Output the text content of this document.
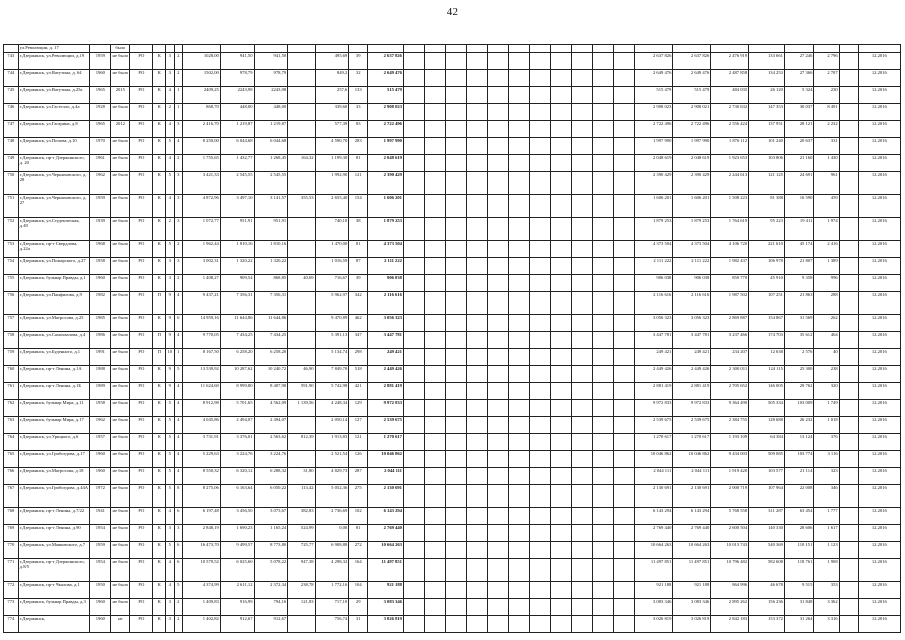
42
	ул.Революции, д. 17		было																														
743	г.Дзержинск, ул.Революции, д.19	1959	не было	РО	К	3	2	1028,00	941,50	941,50		495,69	39	2 637 826												2 637 826	2 637 826	2 476 919	133 661	27 246	2 796		12.2016
744	г.Дзержинск, ул.Ватутина, д. 64	1960	не было	РО	К	3	2	1502,00	978,79	978,79		849,2	32	2 649 476												2 649 476	2 649 476	2 487 858	134 253	27 366	2 707		12.2016
745	г.Дзержинск, ул.Ватутина, д.25а	1965	2015	РО	К	4	1	2409,25	2243,98	2243,98		257,6	133	515 479												515 479	515 479	484 035	26 120	5 324	230		12.2016
746	г.Дзержинск, ул.Гастелло, д.4а	1928	не было	РО	К	2	1	868,70	448,00	448,00		339,60	33	2 908 023												2 908 023	2 908 021	2 730 632	147 353	30 037	8 491		12.2016
747	г.Дзержинск, ул.Гагарина, д.8	1965	2012	РО	К	4	3	2 416,70	1 219,87	1 219,87		577,39	83	2 722 496												2 722 496	2 722 496	2 556 424	137 951	28 121	2 232		12.2016
748	г.Дзержинск, ул.Попова, д.10	1970	не было	РО	К	5	4	8 250,00	6 044,68	6 044,68		4 590,70	283	1 997 990												1 997 990	1 997 990	1 876 112	101 240	20 637	331		12.2016
749	г.Дзержинск, пр-т Дзержинского, д. 20	1961	не было	РО	К	4	2	1 755,65	1 432,77	1 268,45	164,32	1 199,30	81	2 048 619												2 048 619	2 048 619	1 923 653	103 806	21 160	1 430		12.2016
750	г.Дзержинск, ул.Черняховского, д. 28	1962	не было	РО	К	5	3	3 421,33	2 545,55	2 545,55		1 992,90	121	2 390 429												2 390 429	2 390 429	2 244 613	121 125	24 691	961		12.2016
751	г.Дзержинск, ул.Черняховского, д. 27	1959	не было	РО	К	4	3	4 872,96	3 497,10	3 141,57	355,53	2 655,40	154	1 606 201												1 606 201	1 606 201	1 508 223	81 388	16 590	459		12.2016
752	г.Дзержинск, ул.Студенческая, д.49	1939	не было	РО	К	2	3	1 072,77	951,91	951,91		740,10	38	1 879 253												1 879 253	1 879 253	1 764 619	95 223	19 411	1 974		12.2016
753	г.Дзержинск, пр-т Свердлова, д.22а	1968	не было	РО	К	5	2	1 962,44	1 810,16	1 810,16		1 470,00	81	4 373 504												4 373 504	4 373 504	4 106 720	221 610	45 174	2 416		12.2016
754	г.Дзержинск, ул.Пожарского, д.27	1958	не было	РО	К	3	3	3 002,31	1 320,22	1 320,22		1 016,59	87	2 111 222												2 111 222	2 111 222	1 982 437	106 978	21 807	1 389		12.2016
755	г.Дзержинск, бульвар Правды, д.1	1960	не было	РО	К	3	2	1 408,27	909,54	868,85	40,69	716,67	39	906 038												906 038	906 038	850 770	45 910	9 358	996		12.2016
756	г.Дзержинск, ул.Панфилова, д.9	1982	не было	РО	П	9	4	9 437,21	7 356,31	7 356,31		5 962,97	342	2 116 616												2 116 616	2 116 616	1 987 502	107 251	21 863	288		12.2016
757	г.Дзержинск, ул.Матросова, д.25	1985	не было	РО	К	9	6	14 959,16	11 644,86	11 644,86		9 470,89	462	3 056 323												3 056 323	3 056 323	2 869 887	154 867	31 569	262		12.2016
758	г.Дзержинск, ул.Самохвалова, д.4	1986	не было	РО	П	9	4	9 770,05	7 434,25	7 434,25		5 391,13	347	3 447 781												3 447 781	3 447 781	3 237 466	174 703	35 612	464		12.2016
759	г.Дзержинск, ул.Буденного, д.1	1991	не было	РО	П	10	1	8 167,50	6 258,20	6 258,20		5 134,74	298	249 421												249 421	249 421	234 207	12 638	2 576	40		12.2016
760	г.Дзержинск, пр-т Ленина, д.1А	1988	не было	РО	К	9	5	13 539,92	10 287,62	10 240,72	46,90	7 849,78	518	2 449 426												2 449 426	2 449 426	2 300 011	124 115	25 300	238		12.2016
761	г.Дзержинск, пр-т Ленина, д.1Б	1989	не было	РО	К	9	4	11 624,60	8 999,80	8 407,90	591,90	5 742,98	421	2 881 419												2 881 419	2 881 419	2 705 652	146 005	29 762	320		12.2016
762	г.Дзержинск, бульвар Мира, д.11	1958	не было	РО	К	5	4	8 912,98	5 701,65	4 562,09	1 139,56	4 248,34	129	9 972 833												9 972 833	9 972 833	9 364 490	505 334	103 009	1 749		12.2016
763	г.Дзержинск, бульвар Мира, д.17	1962	не было	РО	К	5	4	4 045,86	2 494,07	2 494,07		2 050,14	127	2 539 675												2 539 675	2 539 675	2 384 755	128 688	26 232	1 018		12.2016
764	г.Дзержинск, ул.Урицкого, д.6	1957	не было	РО	К	5	4	3 731,91	3 376,01	2 563,62	812,39	1 913,83	121	1 270 617												1 270 617	1 270 617	1 193 109	64 384	13 124	376		12.2016
765	г.Дзержинск, ул.Грибоедова, д.17	1960	не было	РО	К	5	4	5 229,63	3 224,76	3 224,76		2 521,54	126	10 046 862												10 046 862	10 046 862	9 434 003	509 085	103 774	3 116		12.2016
766	г.Дзержинск, ул.Матросова, д.18	1960	не было	РО	К	5	4	8 550,32	6 320,12	6 288,32	31,80	4 829,73	287	2 044 111												2 044 111	2 044 111	1 919 420	103 577	21 114	323		12.2016
767	г.Дзержинск, ул.Грибоедова, д.44А	1972	не было	РО	К	5	8	8 275,06	6 163,64	6 050,22	113,42	5 052,36	275	2 130 691												2 130 691	2 130 691	2 000 719	107 964	22 008	346		12.2016
768	г.Дзержинск, пр-т Ленина, д.7/22	1941	не было	РО	К	4	6	6 197,48	3 456,50	3 073,67	382,83	2 736,69	102	6 143 294												6 143 294	6 143 294	5 768 558	311 287	63 454	1 777		12.2016
769	г.Дзержинск, пр-т Ленина, д.90	1954	не было	РО	К	3	3	2 848,19	1 690,23	1 165,24	524,99	0,00	81	2 769 440												2 769 440	2 769 440	2 600 504	140 330	28 606	1 617		12.2016
770	г.Дзержинск, ул.Маяковского, д.7	1959	не было	РО	К	5	6	16 473,70	9 499,57	8 773,80	725,77	6 908,88	272	10 664 263												10 664 263	10 664 263	10 013 743	540 369	110 151	1 123		12.2016
771	г.Дзержинск, пр-т Дзержинского, д.8/5	1954	не было	РО	К	4	6	10 579,52	6 025,60	5 078,22	947,38	4 298,32	164	11 497 851												11 497 851	11 497 851	10 796 482	582 608	118 761	1 908		12.2016
772	г.Дзержинск, пр-т Чкалова, д.1	1950	не было	РО	К	4	5	4 374,99	2 611,12	2 372,34	238,78	1 772,16	104	921 188												921 188	921 188	864 996	46 678	9 515	353		12.2016
773	г.Дзержинск, бульвар Правды, д.3	1960	не было	РО	К	3	2	1 409,83	916,99	794,16	121,83	717,10	29	3 083 346												3 083 346	3 083 346	2 895 262	156 236	31 848	3 362		12.2016
774	г.Дзержинск,	1960	не	РО	К	3	2	1 402,82	912,67	912,67		756,74	31	3 026 819												3 026 819	3 026 819	2 842 183	153 372	31 264	3 316		12.2016
